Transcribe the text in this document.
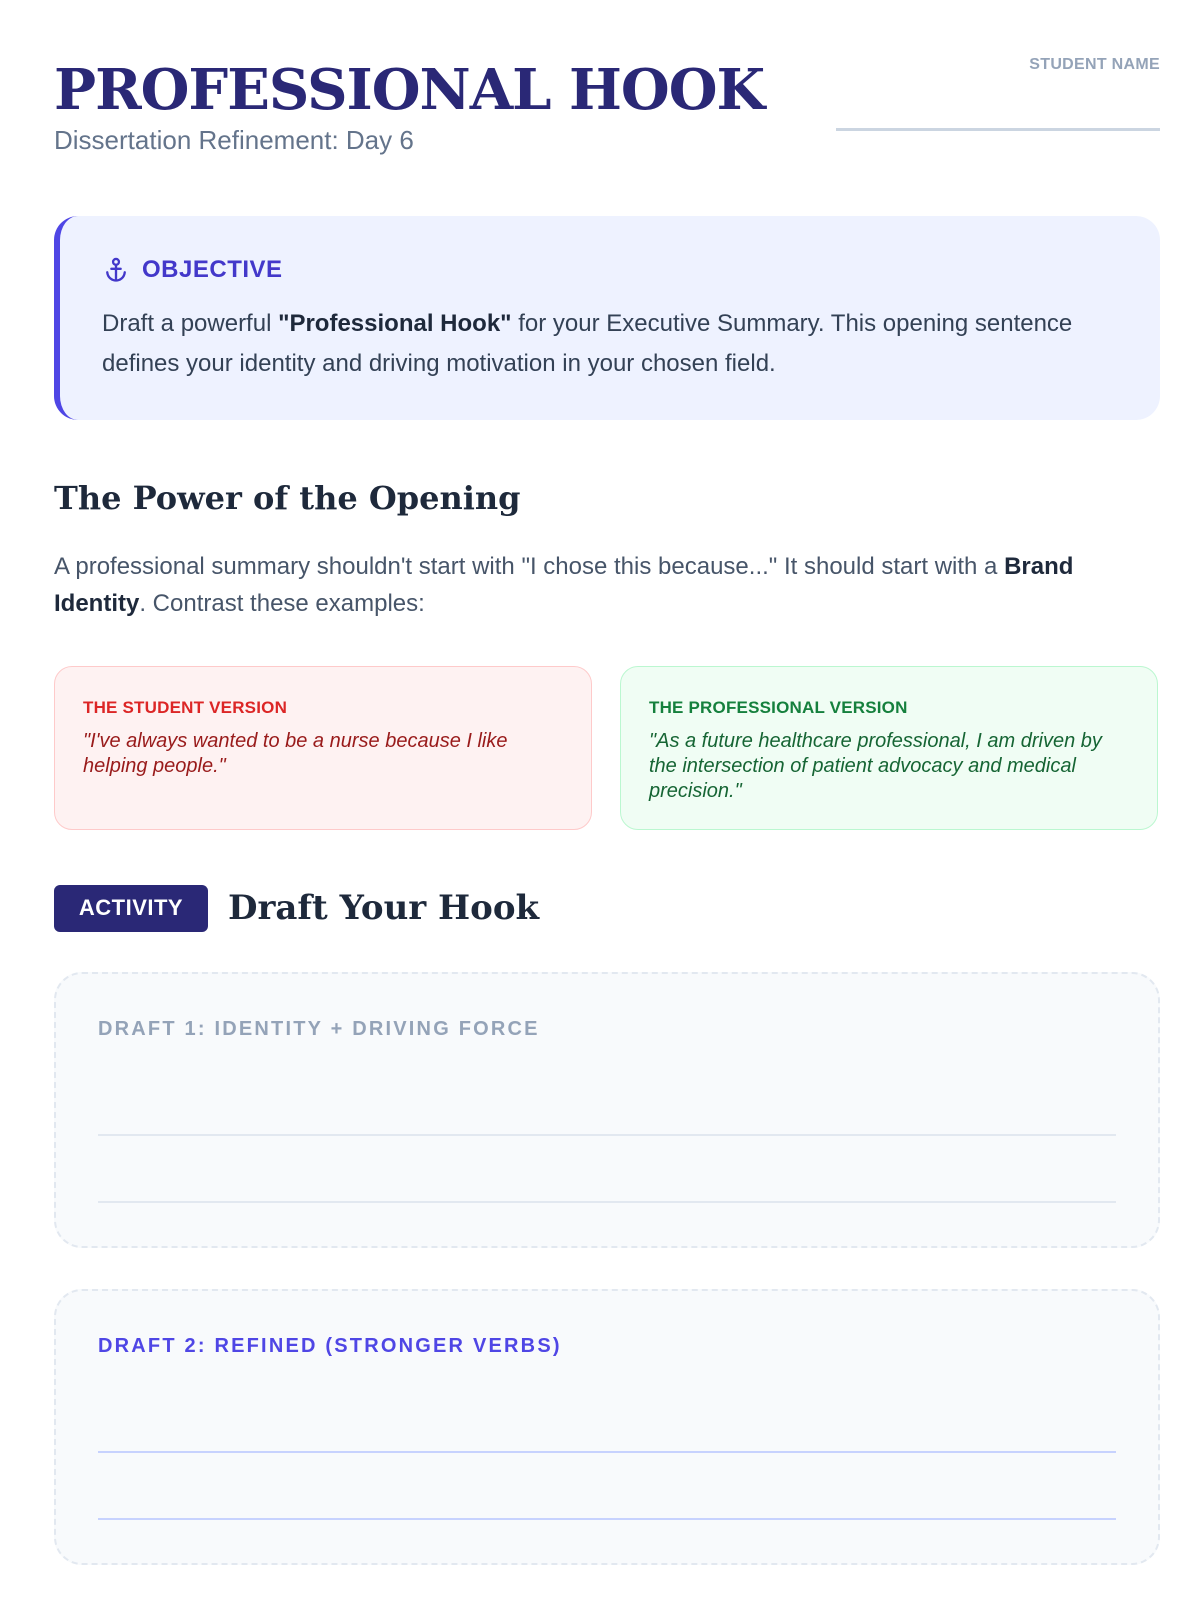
PROFESSIONAL HOOK
Dissertation Refinement: Day 6
STUDENT NAME
OBJECTIVE

Draft a powerful "Professional Hook" for your Executive Summary. This opening sentence defines your identity and driving motivation in your chosen field.

The Power of the Opening

A professional summary shouldn't start with "I chose this because..." It should start with a Brand Identity. Contrast these examples:

THE STUDENT VERSION
"I've always wanted to be a nurse because I like helping people."
THE PROFESSIONAL VERSION
"As a future healthcare professional, I am driven by the intersection of patient advocacy and medical precision."
ACTIVITY	Draft Your Hook
DRAFT 1: IDENTITY + DRIVING FORCE
DRAFT 2: REFINED (STRONGER VERBS)
